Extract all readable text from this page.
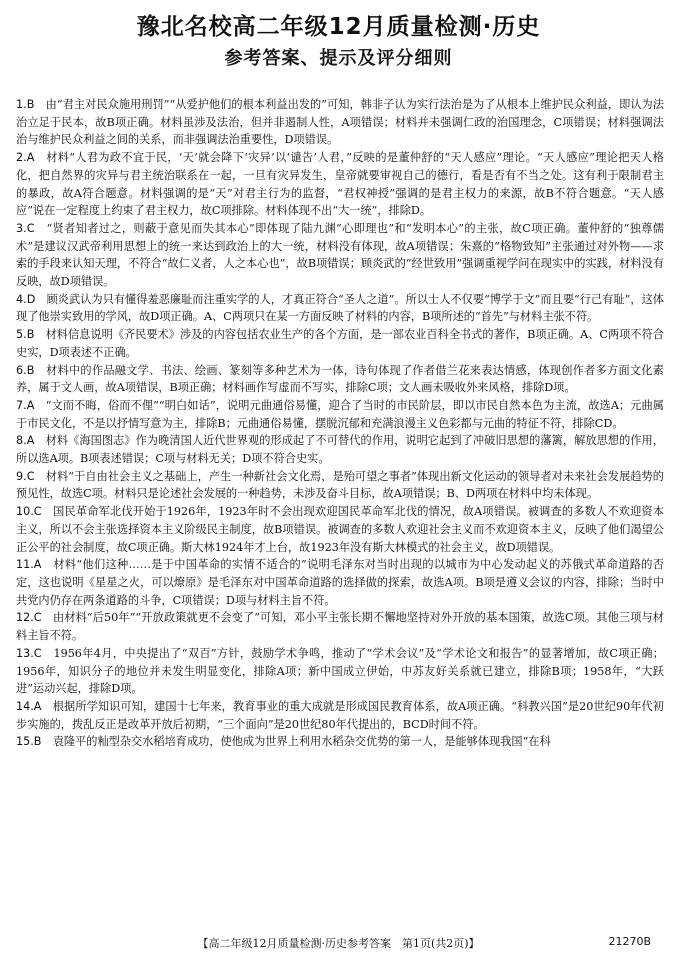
豫北名校高二年级12月质量检测·历史
参考答案、提示及评分细则

1.B　 由“君主对民众施用刑罚”“从爱护他们的根本利益出发的”可知，韩非子认为实行法治是为了从根本上维护民众利益，即认为法治立足于民本，故B项正确。材料虽涉及法治，但并非遏制人性，A项错误；材料并未强调仁政的治国理念，C项错误；材料强调法治与维护民众利益之间的关系，而非强调法治重要性，D项错误。

2.A　 材料“人君为政不宜于民，‘天’就会降下‘灾异’以‘谴告’人君，”反映的是董仲舒的“天人感应”理论。“天人感应”理论把天人格化，把自然界的灾异与君主统治联系在一起，一旦有灾异发生，皇帝就要审视自己的德行，看是否有不当之处。这有利于限制君主的暴政，故A符合题意。材料强调的是“天”对君主行为的监督，“君权神授”强调的是君主权力的来源，故B不符合题意。“天人感应”说在一定程度上约束了君主权力，故C项排除。材料体现不出“大一统”，排除D。

3.C　 “贤者知者过之，则蔽于意见而失其本心”即体现了陆九渊“心即理也”和“发明本心”的主张，故C项正确。董仲舒的“独尊儒术”是建议汉武帝利用思想上的统一来达到政治上的大一统，材料没有体现，故A项错误；朱熹的“格物致知”主张通过对外物——求索的手段来认知天理，不符合“故仁义者，人之本心也”，故B项错误；顾炎武的“经世致用”强调重视学问在现实中的实践，材料没有反映，故D项错误。

4.D　 顾炎武认为只有懂得羞恶廉耻而注重实学的人，才真正符合“圣人之道”。所以士人不仅要“博学于文”而且要“行己有耻”，这体现了他崇实致用的学风，故D项正确。A、C两项只在某一方面反映了材料的内容，B项所述的“首先”与材料主张不符。

5.B　 材料信息说明《齐民要术》涉及的内容包括农业生产的各个方面，是一部农业百科全书式的著作，B项正确。A、C两项不符合史实，D项表述不正确。

6.B　 材料中的作品融文学、书法、绘画、篆刻等多种艺术为一体，诗句体现了作者借兰花来表达情感，体现创作者多方面文化素养，属于文人画，故A项错误，B项正确；材料画作写虚而不写实，排除C项；文人画未吸收外来风格，排除D项。

7.A　 “文而不晦，俗而不俚”“明白如话”，说明元曲通俗易懂，迎合了当时的市民阶层，即以市民自然本色为主流，故选A；元曲属于市民文化，不是以抒情写意为主，排除B；元曲通俗易懂，摆脱沉郁和充满浪漫主义色彩都与元曲的特征不符，排除CD。

8.A　 材料《海国图志》作为晚清国人近代世界观的形成起了不可替代的作用，说明它起到了冲破旧思想的藩篱，解放思想的作用，所以选A项。B项表述错误；C项与材料无关；D项不符合史实。

9.C　 材料“于自由社会主义之基础上，产生一种新社会文化焉，是殆可望之事者”体现出新文化运动的领导者对未来社会发展趋势的预见性，故选C项。材料只是论述社会发展的一种趋势，未涉及奋斗目标，故A项错误；B、D两项在材料中均未体现。

10.C　 国民革命军北伐开始于1926年，1923年时不会出现欢迎国民革命军北伐的情况，故A项错误。被调查的多数人不欢迎资本主义，所以不会主张选择资本主义阶级民主制度，故B项错误。被调查的多数人欢迎社会主义而不欢迎资本主义，反映了他们渴望公正公平的社会制度，故C项正确。斯大林1924年才上台，故1923年没有斯大林模式的社会主义，故D项错误。

11.A　 材料“他们这种……是于中国革命的实情不适合的”说明毛泽东对当时出现的以城市为中心发动起义的苏俄式革命道路的否定，这也说明《星星之火，可以燎原》是毛泽东对中国革命道路的选择做的探索，故选A项。B项是遵义会议的内容，排除；当时中共党内仍存在两条道路的斗争，C项错误；D项与材料主旨不符。

12.C　 由材料“后50年”“开放政策就更不会变了”可知，邓小平主张长期不懈地坚持对外开放的基本国策，故选C项。其他三项与材料主旨不符。

13.C　 1956年4月，中央提出了“双百”方针，鼓励学术争鸣，推动了“学术会议”及“学术论文和报告”的显著增加，故C项正确；1956年，知识分子的地位并未发生明显变化，排除A项；新中国成立伊始，中苏友好关系就已建立，排除B项；1958年，“大跃进”运动兴起，排除D项。

14.A　 根据所学知识可知，建国十七年来，教育事业的重大成就是形成国民教育体系，故A项正确。“科教兴国”是20世纪90年代初步实施的，拨乱反正是改革开放后初期，“三个面向”是20世纪80年代提出的，BCD时间不符。

15.B　 袁隆平的籼型杂交水稻培育成功，使他成为世界上利用水稻杂交优势的第一人，是能够体现我国“在科

【高二年级12月质量检测·历史参考答案　第1页(共2页)】	21270B
